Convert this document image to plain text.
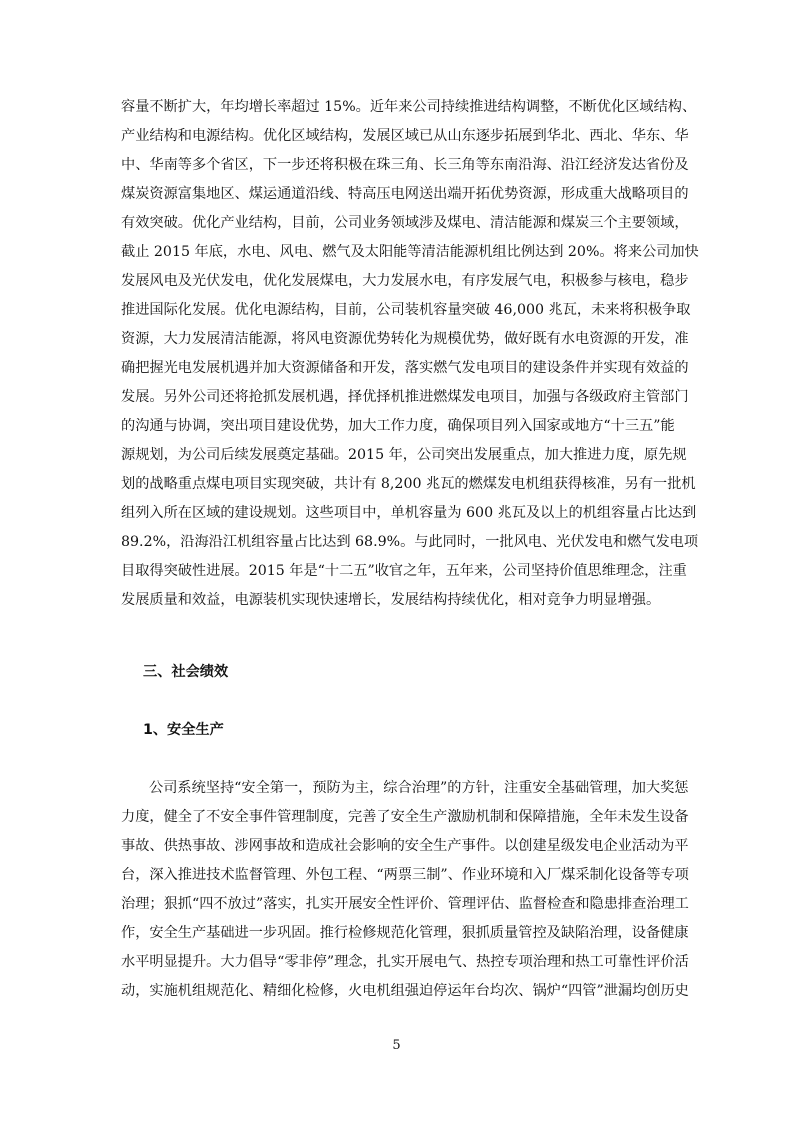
容量不断扩大，年均增长率超过 15%。近年来公司持续推进结构调整，不断优化区域结构、
产业结构和电源结构。优化区域结构，发展区域已从山东逐步拓展到华北、西北、华东、华
中、华南等多个省区，下一步还将积极在珠三角、长三角等东南沿海、沿江经济发达省份及
煤炭资源富集地区、煤运通道沿线、特高压电网送出端开拓优势资源，形成重大战略项目的
有效突破。优化产业结构，目前，公司业务领域涉及煤电、清洁能源和煤炭三个主要领域，
截止 2015 年底，水电、风电、燃气及太阳能等清洁能源机组比例达到 20%。将来公司加快
发展风电及光伏发电，优化发展煤电，大力发展水电，有序发展气电，积极参与核电，稳步
推进国际化发展。优化电源结构，目前，公司装机容量突破 46,000 兆瓦，未来将积极争取
资源，大力发展清洁能源，将风电资源优势转化为规模优势，做好既有水电资源的开发，准
确把握光电发展机遇并加大资源储备和开发，落实燃气发电项目的建设条件并实现有效益的
发展。另外公司还将抢抓发展机遇，择优择机推进燃煤发电项目，加强与各级政府主管部门
的沟通与协调，突出项目建设优势，加大工作力度，确保项目列入国家或地方“十三五”能
源规划，为公司后续发展奠定基础。2015 年，公司突出发展重点，加大推进力度，原先规
划的战略重点煤电项目实现突破，共计有 8,200 兆瓦的燃煤发电机组获得核准，另有一批机
组列入所在区域的建设规划。这些项目中，单机容量为 600 兆瓦及以上的机组容量占比达到
89.2%，沿海沿江机组容量占比达到 68.9%。与此同时，一批风电、光伏发电和燃气发电项
目取得突破性进展。2015 年是“十二五”收官之年，五年来，公司坚持价值思维理念，注重
发展质量和效益，电源装机实现快速增长，发展结构持续优化，相对竞争力明显增强。
三、社会绩效
1、安全生产
公司系统坚持“安全第一，预防为主，综合治理”的方针，注重安全基础管理，加大奖惩
力度，健全了不安全事件管理制度，完善了安全生产激励机制和保障措施，全年未发生设备
事故、供热事故、涉网事故和造成社会影响的安全生产事件。以创建星级发电企业活动为平
台，深入推进技术监督管理、外包工程、“两票三制”、作业环境和入厂煤采制化设备等专项
治理；狠抓“四不放过”落实，扎实开展安全性评价、管理评估、监督检查和隐患排查治理工
作，安全生产基础进一步巩固。推行检修规范化管理，狠抓质量管控及缺陷治理，设备健康
水平明显提升。大力倡导“零非停”理念，扎实开展电气、热控专项治理和热工可靠性评价活
动，实施机组规范化、精细化检修，火电机组强迫停运年台均次、锅炉“四管”泄漏均创历史
5
